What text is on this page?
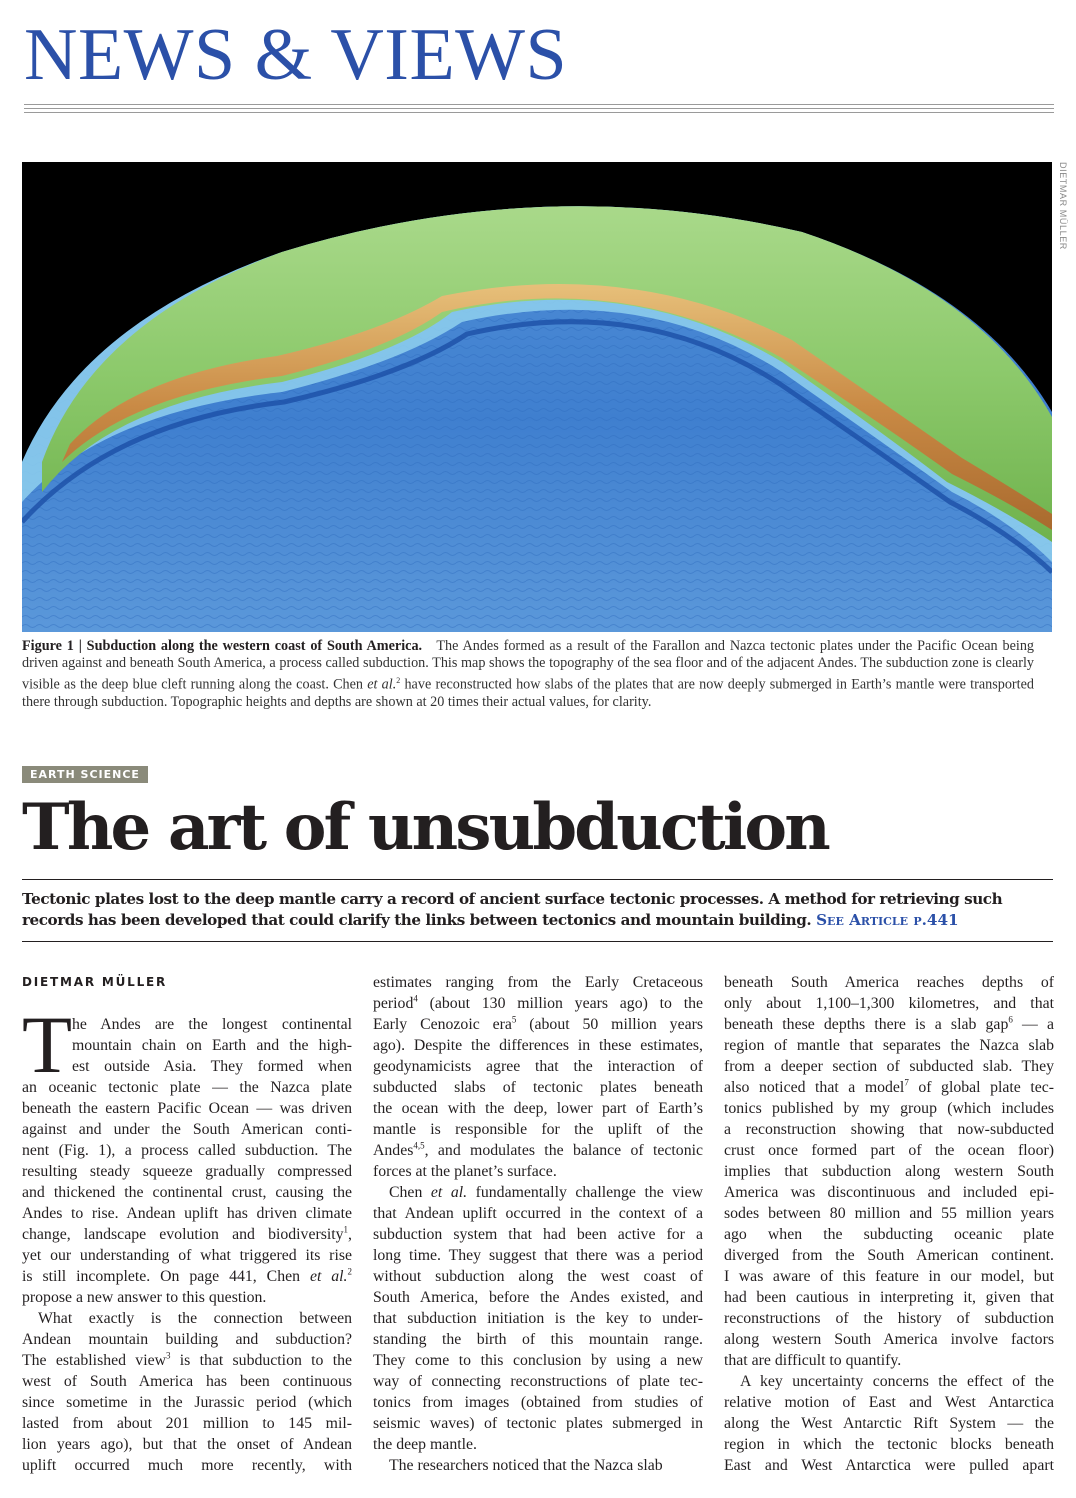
NEWS & VIEWS
DIETMAR MÜLLER
Figure 1 | Subduction along the western coast of South America. The Andes formed as a result of the Farallon and Nazca tectonic plates under the Pacific Ocean being driven against and beneath South America, a process called subduction. This map shows the topography of the sea floor and of the adjacent Andes. The subduction zone is clearly visible as the deep blue cleft running along the coast. Chen et al.$^2$ have reconstructed how slabs of the plates that are now deeply submerged in Earth’s mantle were transported there through subduction. Topographic heights and depths are shown at 20 times their actual values, for clarity.
EARTH SCIENCE
The art of unsubduction
Tectonic plates lost to the deep mantle carry a record of ancient surface tectonic processes. A method for retrieving such records has been developed that could clarify the links between tectonics and mountain building. See Article p.441
DIETMAR MÜLLER
T he Andes are the longest continental
mountain chain on Earth and the high-
est outside Asia. They formed when
an oceanic tectonic plate — the Nazca plate
beneath the eastern Pacific Ocean — was driven
against and under the South American conti-
nent (Fig. 1), a process called subduction. The
resulting steady squeeze gradually compressed
and thickened the continental crust, causing the
Andes to rise. Andean uplift has driven climate
change, landscape evolution and biodiversity$^1$,
yet our understanding of what triggered its rise
is still incomplete. On page 441, Chen et al.$^2$
propose a new answer to this question.
What exactly is the connection between
Andean mountain building and subduction?
The established view$^3$ is that subduction to the
west of South America has been continuous
since sometime in the Jurassic period (which
lasted from about 201 million to 145 mil-
lion years ago), but that the onset of Andean
uplift occurred much more recently, with
estimates ranging from the Early Cretaceous
period$^4$ (about 130 million years ago) to the
Early Cenozoic era$^5$ (about 50 million years
ago). Despite the differences in these estimates,
geodynamicists agree that the interaction of
subducted slabs of tectonic plates beneath
the ocean with the deep, lower part of Earth’s
mantle is responsible for the uplift of the
Andes$^{4,5}$, and modulates the balance of tectonic
forces at the planet’s surface.
Chen et al. fundamentally challenge the view
that Andean uplift occurred in the context of a
subduction system that had been active for a
long time. They suggest that there was a period
without subduction along the west coast of
South America, before the Andes existed, and
that subduction initiation is the key to under-
standing the birth of this mountain range.
They come to this conclusion by using a new
way of connecting reconstructions of plate tec-
tonics from images (obtained from studies of
seismic waves) of tectonic plates submerged in
the deep mantle.
The researchers noticed that the Nazca slab
beneath South America reaches depths of
only about 1,100–1,300 kilometres, and that
beneath these depths there is a slab gap$^6$ — a
region of mantle that separates the Nazca slab
from a deeper section of subducted slab. They
also noticed that a model$^7$ of global plate tec-
tonics published by my group (which includes
a reconstruction showing that now-subducted
crust once formed part of the ocean floor)
implies that subduction along western South
America was discontinuous and included epi-
sodes between 80 million and 55 million years
ago when the subducting oceanic plate
diverged from the South American continent.
I was aware of this feature in our model, but
had been cautious in interpreting it, given that
reconstructions of the history of subduction
along western South America involve factors
that are difficult to quantify.
A key uncertainty concerns the effect of the
relative motion of East and West Antarctica
along the West Antarctic Rift System — the
region in which the tectonic blocks beneath
East and West Antarctica were pulled apart
